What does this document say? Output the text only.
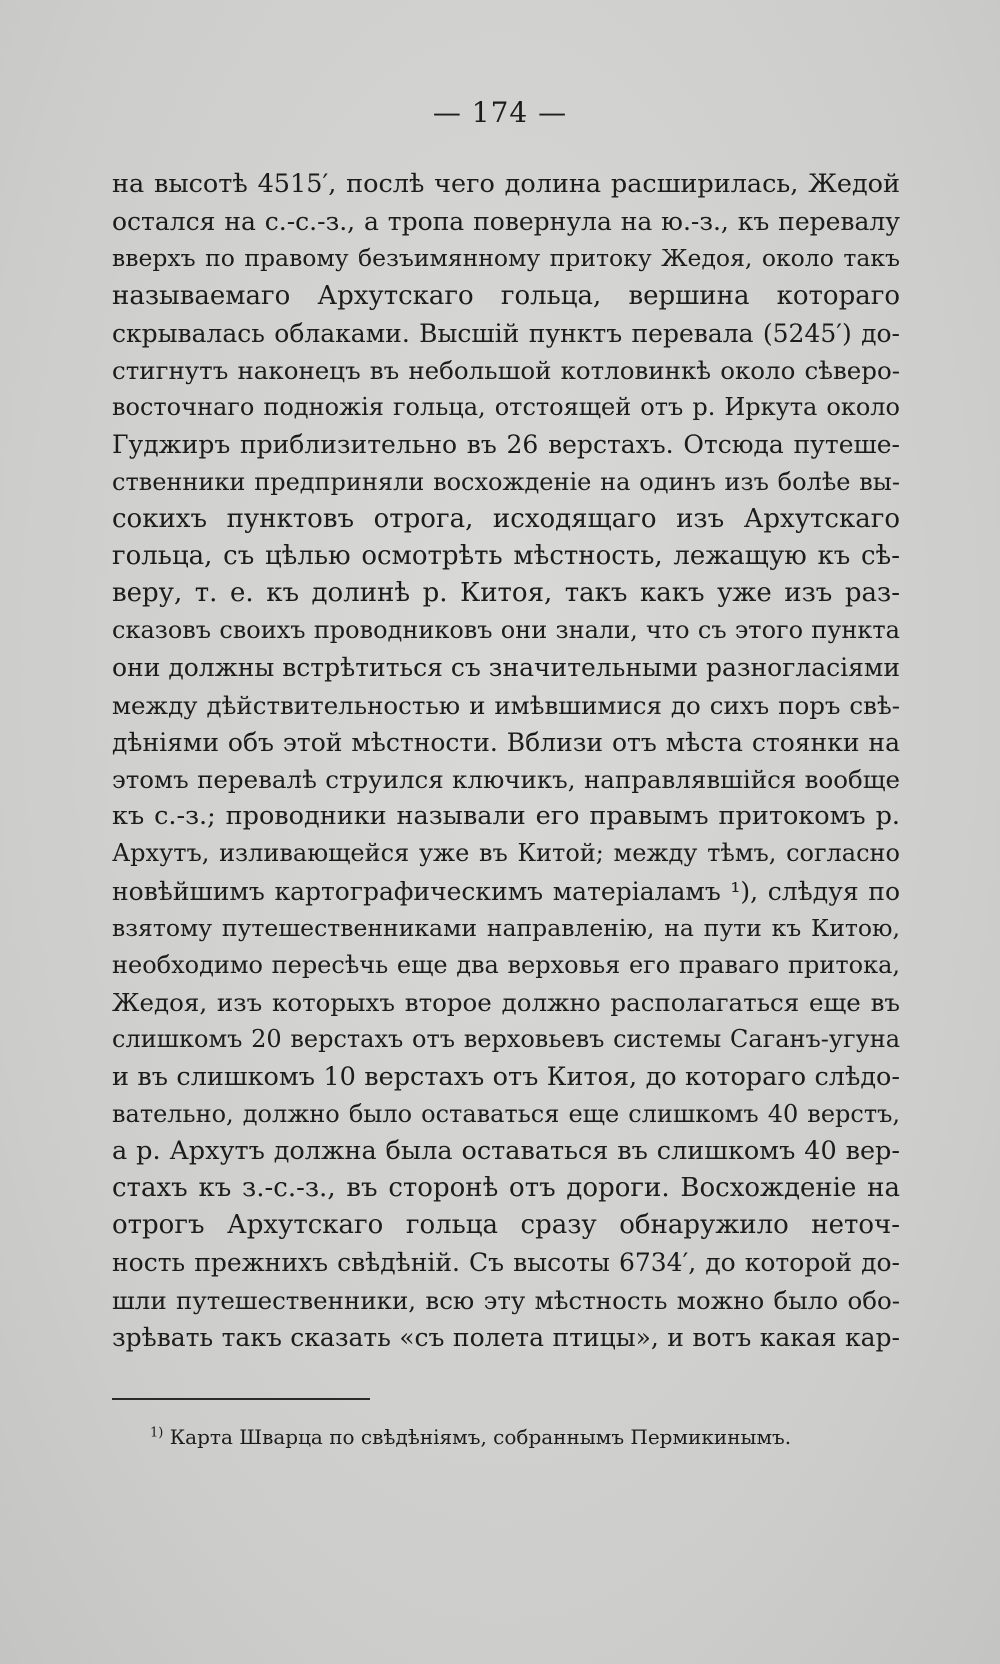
— 174 —
на высотѣ 4515′, послѣ чего долина расширилась, Жедой
остался на с.-с.-з., а тропа повернула на ю.-з., къ перевалу
вверхъ по правому безъимянному притоку Жедоя, около такъ
называемаго Архутскаго гольца, вершина котораго
скрывалась облаками. Высшій пунктъ перевала (5245′) до-
стигнутъ наконецъ въ небольшой котловинкѣ около сѣверо-
восточнаго подножія гольца, отстоящей отъ р. Иркута около
Гуджиръ приблизительно въ 26 верстахъ. Отсюда путеше-
ственники предприняли восхожденіе на одинъ изъ болѣе вы-
сокихъ пунктовъ отрога, исходящаго изъ Архутскаго
гольца, съ цѣлью осмотрѣть мѣстность, лежащую къ сѣ-
веру, т. е. къ долинѣ р. Китоя, такъ какъ уже изъ раз-
сказовъ своихъ проводниковъ они знали, что съ этого пункта
они должны встрѣтиться съ значительными разногласіями
между дѣйствительностью и имѣвшимися до сихъ поръ свѣ-
дѣніями объ этой мѣстности. Вблизи отъ мѣста стоянки на
этомъ перевалѣ струился ключикъ, направлявшійся вообще
къ с.-з.; проводники называли его правымъ притокомъ р.
Архутъ, изливающейся уже въ Китой; между тѣмъ, согласно
новѣйшимъ картографическимъ матеріаламъ ¹), слѣдуя по
взятому путешественниками направленію, на пути къ Китою,
необходимо пересѣчь еще два верховья его праваго притока,
Жедоя, изъ которыхъ второе должно располагаться еще въ
слишкомъ 20 верстахъ отъ верховьевъ системы Саганъ-угуна
и въ слишкомъ 10 верстахъ отъ Китоя, до котораго слѣдо-
вательно, должно было оставаться еще слишкомъ 40 верстъ,
а р. Архутъ должна была оставаться въ слишкомъ 40 вер-
стахъ къ з.-с.-з., въ сторонѣ отъ дороги. Восхожденіе на
отрогъ Архутскаго гольца сразу обнаружило неточ-
ность прежнихъ свѣдѣній. Съ высоты 6734′, до которой до-
шли путешественники, всю эту мѣстность можно было обо-
зрѣвать такъ сказать «съ полета птицы», и вотъ какая кар-
$^{1)}$ Карта Шварца по свѣдѣніямъ, собраннымъ Пермикинымъ.
